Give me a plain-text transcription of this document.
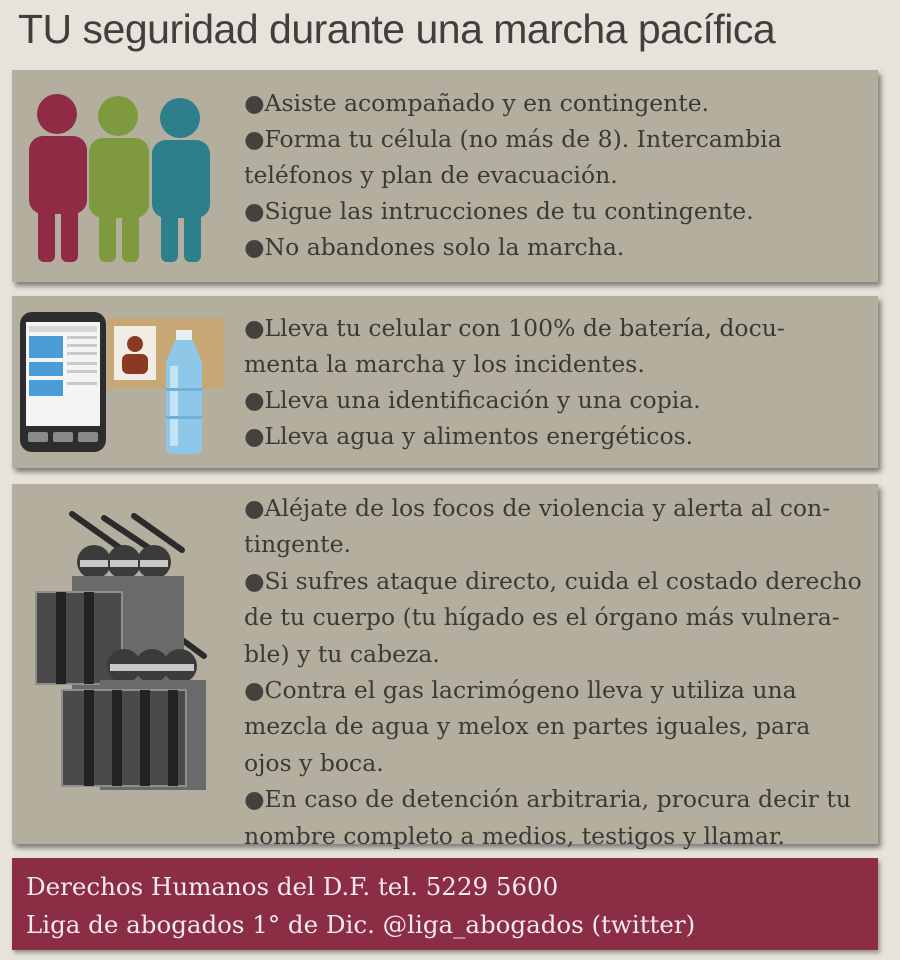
TU seguridad durante una marcha pacífica
●Asiste acompañado y en contingente.
●Forma tu célula (no más de 8). Intercambia
teléfonos y plan de evacuación.
●Sigue las intrucciones de tu contingente.
●No abandones solo la marcha.
●Lleva tu celular con 100% de batería, docu-
menta la marcha y los incidentes.
●Lleva una identificación y una copia.
●Lleva agua y alimentos energéticos.
●Aléjate de los focos de violencia y alerta al con-
tingente.
●Si sufres ataque directo, cuida el costado derecho
de tu cuerpo (tu hígado es el órgano más vulnera-
ble) y tu cabeza.
●Contra el gas lacrimógeno lleva y utiliza una
mezcla de agua y melox en partes iguales, para
ojos y boca.
●En caso de detención arbitraria, procura decir tu
nombre completo a medios, testigos y llamar.
Derechos Humanos del D.F. tel. 5229 5600
Liga de abogados 1° de Dic. @liga_abogados (twitter)
